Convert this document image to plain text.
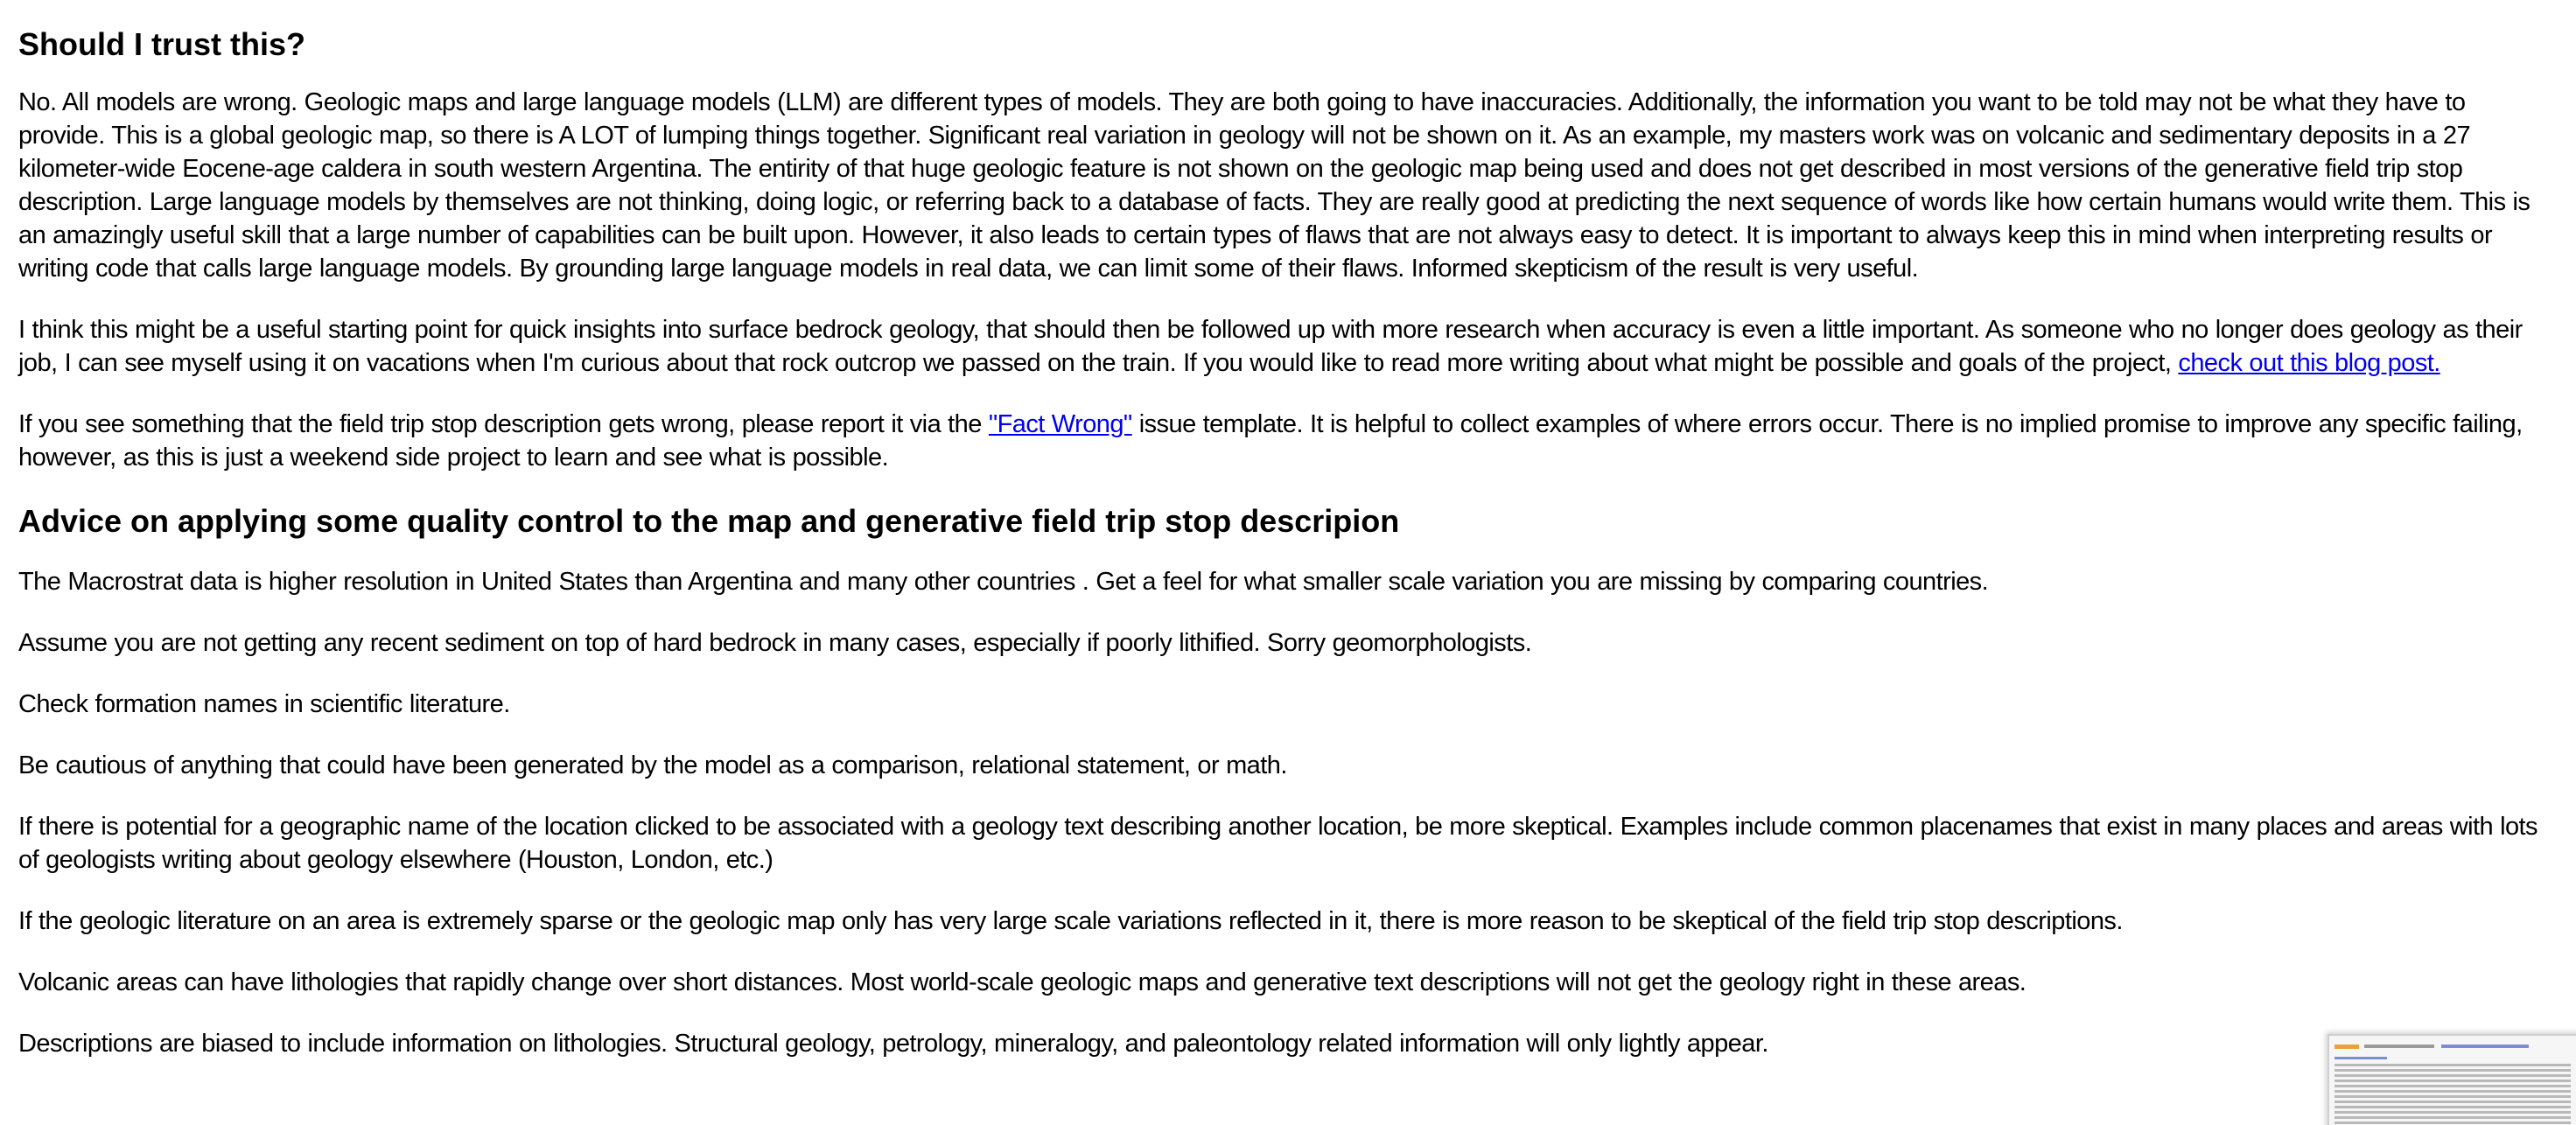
Should I trust this?

No. All models are wrong. Geologic maps and large language models (LLM) are different types of models. They are both going to have inaccuracies. Additionally, the information you want to be told may not be what they have to provide. This is a global geologic map, so there is A LOT of lumping things together. Significant real variation in geology will not be shown on it. As an example, my masters work was on volcanic and sedimentary deposits in a 27 kilometer-wide Eocene-age caldera in south western Argentina. The entirity of that huge geologic feature is not shown on the geologic map being used and does not get described in most versions of the generative field trip stop description. Large language models by themselves are not thinking, doing logic, or referring back to a database of facts. They are really good at predicting the next sequence of words like how certain humans would write them. This is an amazingly useful skill that a large number of capabilities can be built upon. However, it also leads to certain types of flaws that are not always easy to detect. It is important to always keep this in mind when interpreting results or writing code that calls large language models. By grounding large language models in real data, we can limit some of their flaws. Informed skepticism of the result is very useful.

I think this might be a useful starting point for quick insights into surface bedrock geology, that should then be followed up with more research when accuracy is even a little important. As someone who no longer does geology as their job, I can see myself using it on vacations when I'm curious about that rock outcrop we passed on the train. If you would like to read more writing about what might be possible and goals of the project, check out this blog post.

If you see something that the field trip stop description gets wrong, please report it via the "Fact Wrong" issue template. It is helpful to collect examples of where errors occur. There is no implied promise to improve any specific failing, however, as this is just a weekend side project to learn and see what is possible.

Advice on applying some quality control to the map and generative field trip stop descripion

The Macrostrat data is higher resolution in United States than Argentina and many other countries . Get a feel for what smaller scale variation you are missing by comparing countries.

Assume you are not getting any recent sediment on top of hard bedrock in many cases, especially if poorly lithified. Sorry geomorphologists.

Check formation names in scientific literature.

Be cautious of anything that could have been generated by the model as a comparison, relational statement, or math.

If there is potential for a geographic name of the location clicked to be associated with a geology text describing another location, be more skeptical. Examples include common placenames that exist in many places and areas with lots of geologists writing about geology elsewhere (Houston, London, etc.)

If the geologic literature on an area is extremely sparse or the geologic map only has very large scale variations reflected in it, there is more reason to be skeptical of the field trip stop descriptions.

Volcanic areas can have lithologies that rapidly change over short distances. Most world-scale geologic maps and generative text descriptions will not get the geology right in these areas.

Descriptions are biased to include information on lithologies. Structural geology, petrology, mineralogy, and paleontology related information will only lightly appear.
